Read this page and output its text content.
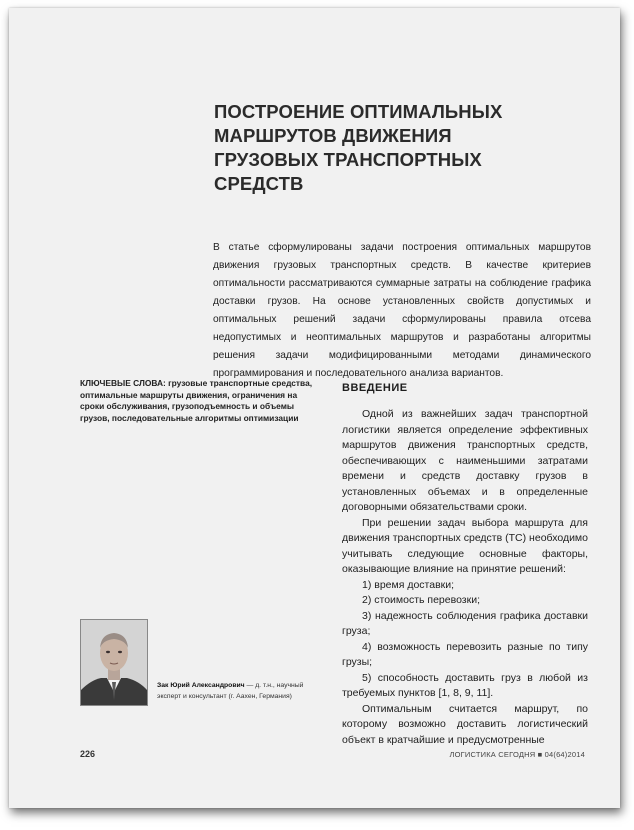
ПОСТРОЕНИЕ ОПТИМАЛЬНЫХ МАРШРУТОВ ДВИЖЕНИЯ ГРУЗОВЫХ ТРАНСПОРТНЫХ СРЕДСТВ

В статье сформулированы задачи построения оптимальных маршрутов движения грузовых транспортных средств. В качестве критериев оптимальности рассматриваются суммарные затраты на соблюдение графика доставки грузов. На основе установленных свойств допустимых и оптимальных решений задачи сформулированы правила отсева недопустимых и неоптимальных маршрутов и разработаны алгоритмы решения задачи модифицированными методами динамического программирования и последовательного анализа вариантов.

КЛЮЧЕВЫЕ СЛОВА: грузовые транспортные средства, оптимальные маршруты движения, ограничения на сроки обслуживания, грузоподъемность и объемы грузов, последовательные алгоритмы оптимизации

Зак Юрий Александрович — д. т.н., научный эксперт и консультант (г. Аахен, Германия)

ВВЕДЕНИЕ

Одной из важнейших задач транспортной логистики является определение эффективных маршрутов движения транспортных средств, обеспечивающих с наименьшими затратами времени и средств доставку грузов в установленных объемах и в определенные договорными обязательствами сроки.

При решении задач выбора маршрута для движения транспортных средств (ТС) необходимо учитывать следующие основные факторы, оказывающие влияние на принятие решений:

1) время доставки;

2) стоимость перевозки;

3) надежность соблюдения графика доставки груза;

4) возможность перевозить разные по типу грузы;

5) способность доставить груз в любой из требуемых пунктов [1, 8, 9, 11].

Оптимальным считается маршрут, по которому возможно доставить логистический объект в кратчайшие и предусмотренные

226	ЛОГИСТИКА СЕГОДНЯ ■ 04(64)2014
